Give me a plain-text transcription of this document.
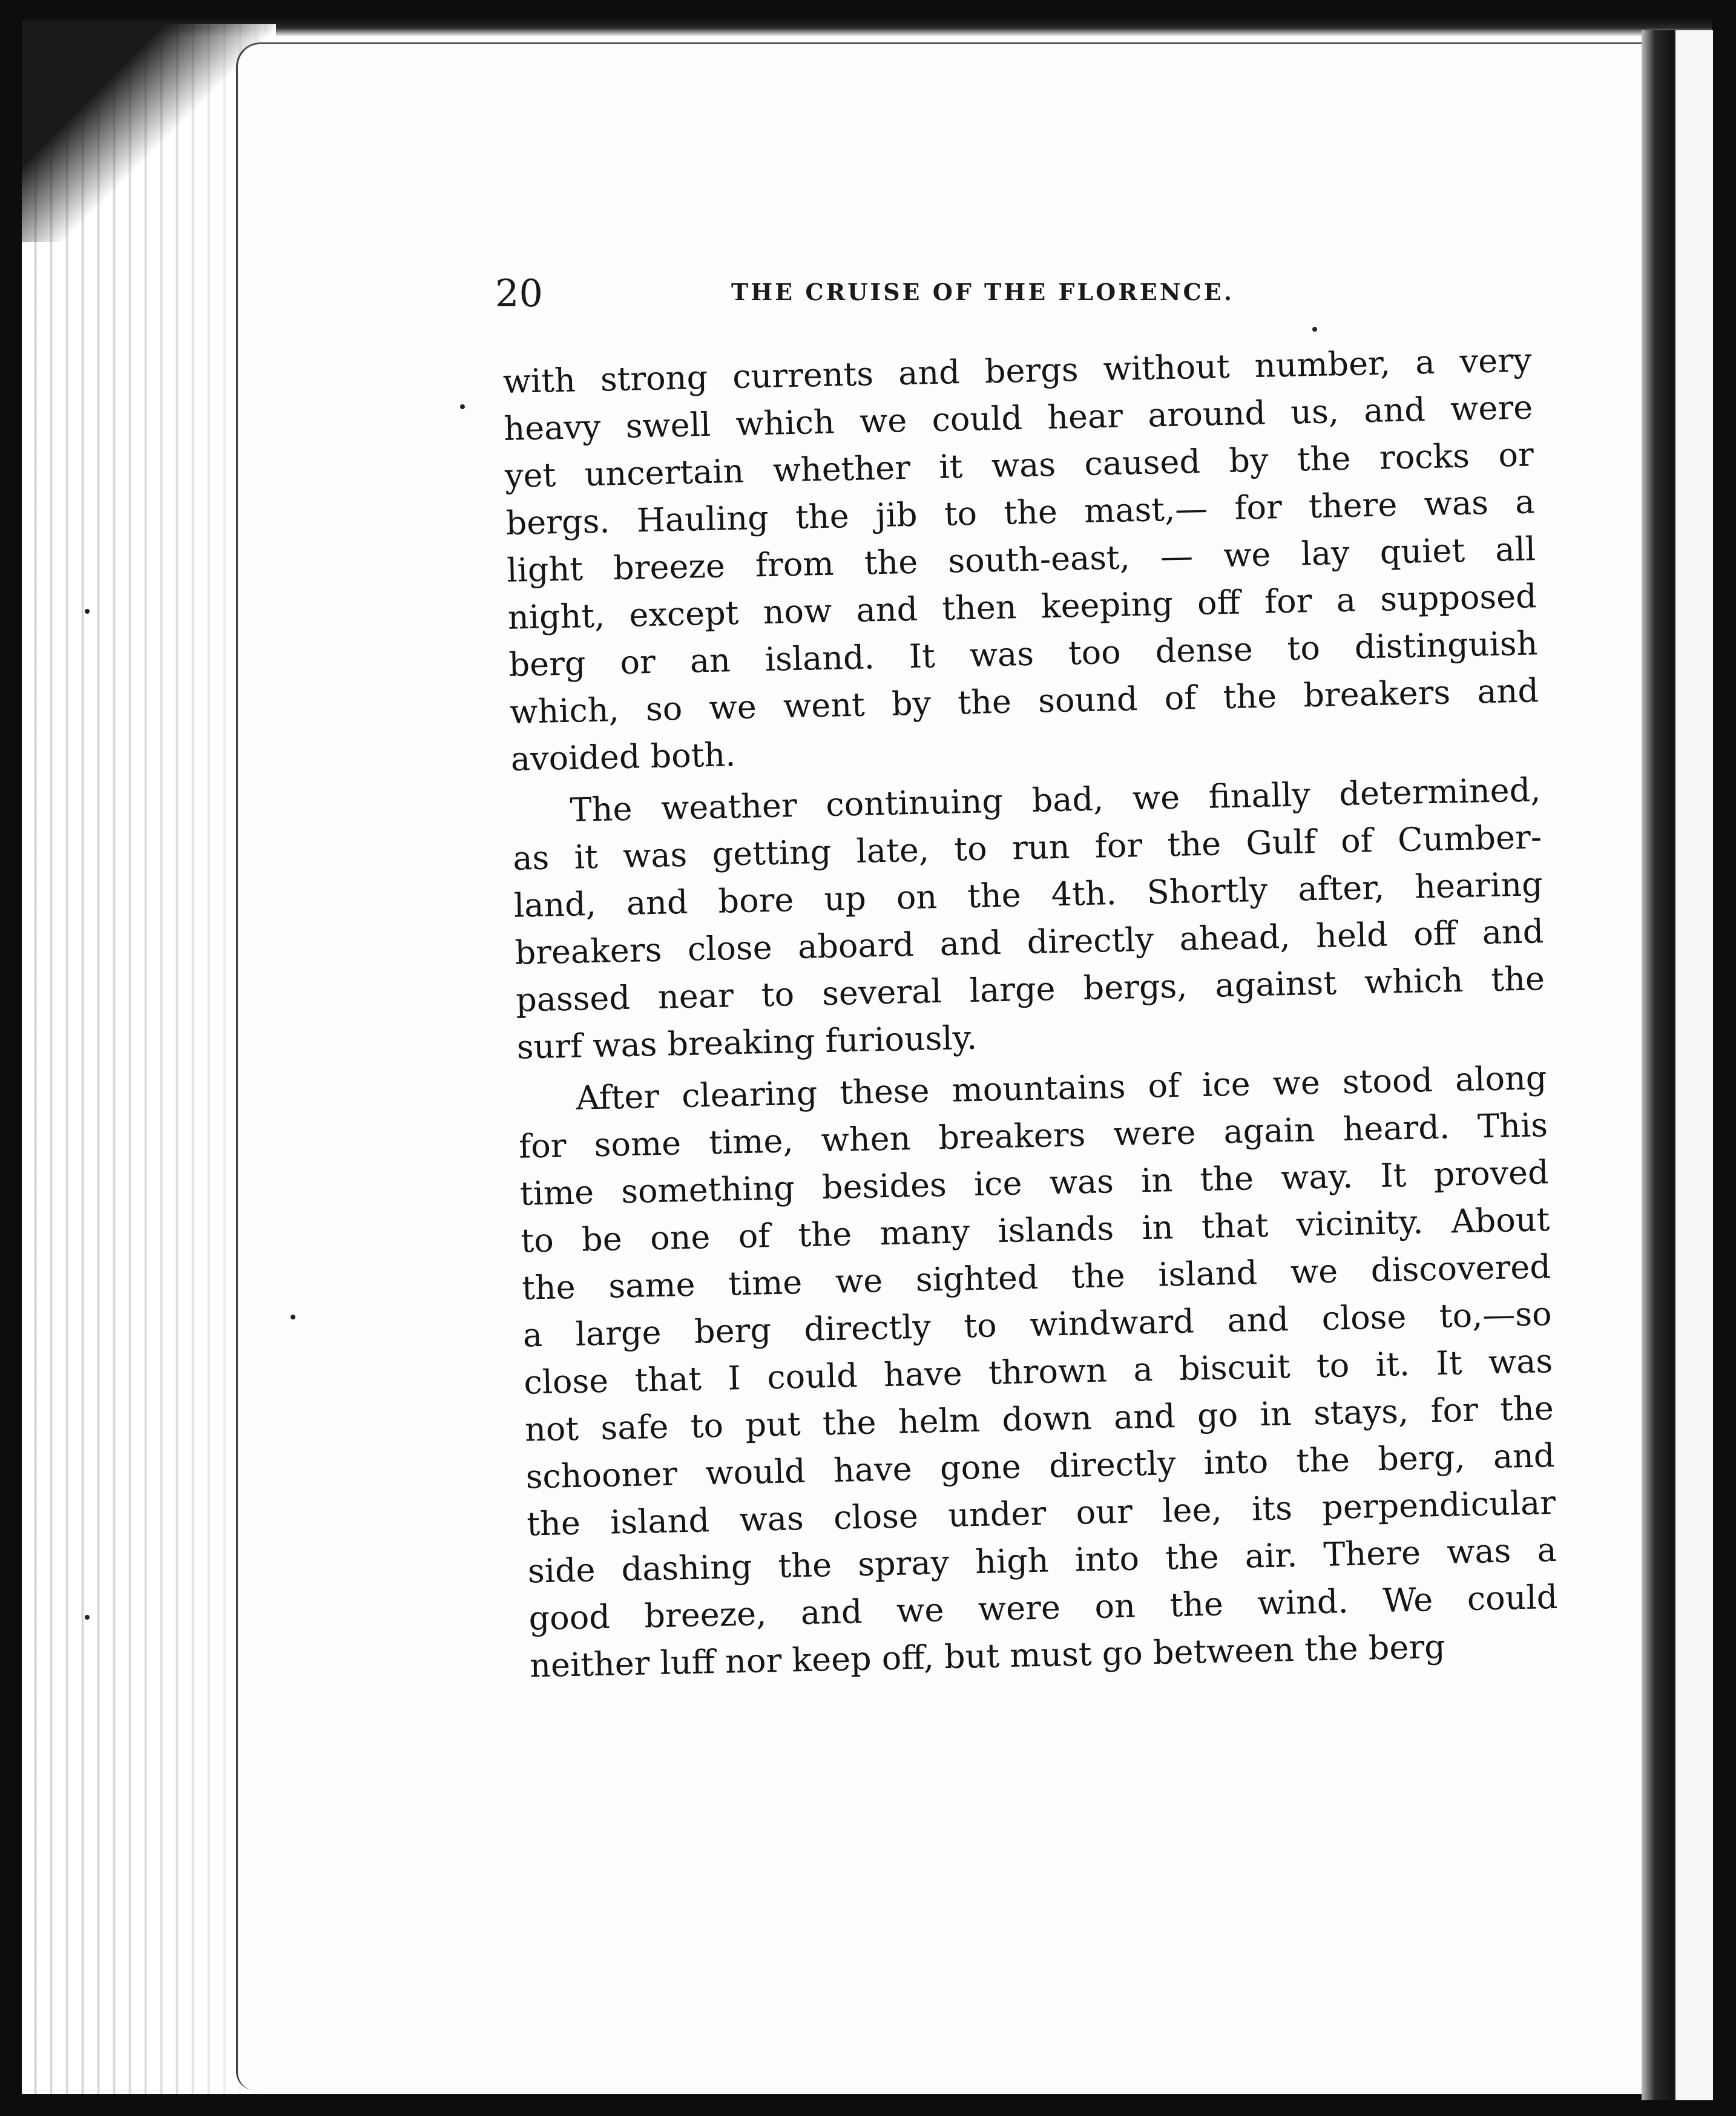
20	THE CRUISE OF THE FLORENCE.
with strong currents and bergs without number, a very
heavy swell which we could hear around us, and were
yet uncertain whether it was caused by the rocks or
bergs. Hauling the jib to the mast,— for there was a
light breeze from the south-east, — we lay quiet all
night, except now and then keeping off for a supposed
berg or an island. It was too dense to distinguish
which, so we went by the sound of the breakers and
avoided both.
The weather continuing bad, we finally determined,
as it was getting late, to run for the Gulf of Cumber-
land, and bore up on the 4th. Shortly after, hearing
breakers close aboard and directly ahead, held off and
passed near to several large bergs, against which the
surf was breaking furiously.
After clearing these mountains of ice we stood along
for some time, when breakers were again heard. This
time something besides ice was in the way. It proved
to be one of the many islands in that vicinity. About
the same time we sighted the island we discovered
a large berg directly to windward and close to,—so
close that I could have thrown a biscuit to it. It was
not safe to put the helm down and go in stays, for the
schooner would have gone directly into the berg, and
the island was close under our lee, its perpendicular
side dashing the spray high into the air. There was a
good breeze, and we were on the wind. We could
neither luff nor keep off, but must go between the berg
